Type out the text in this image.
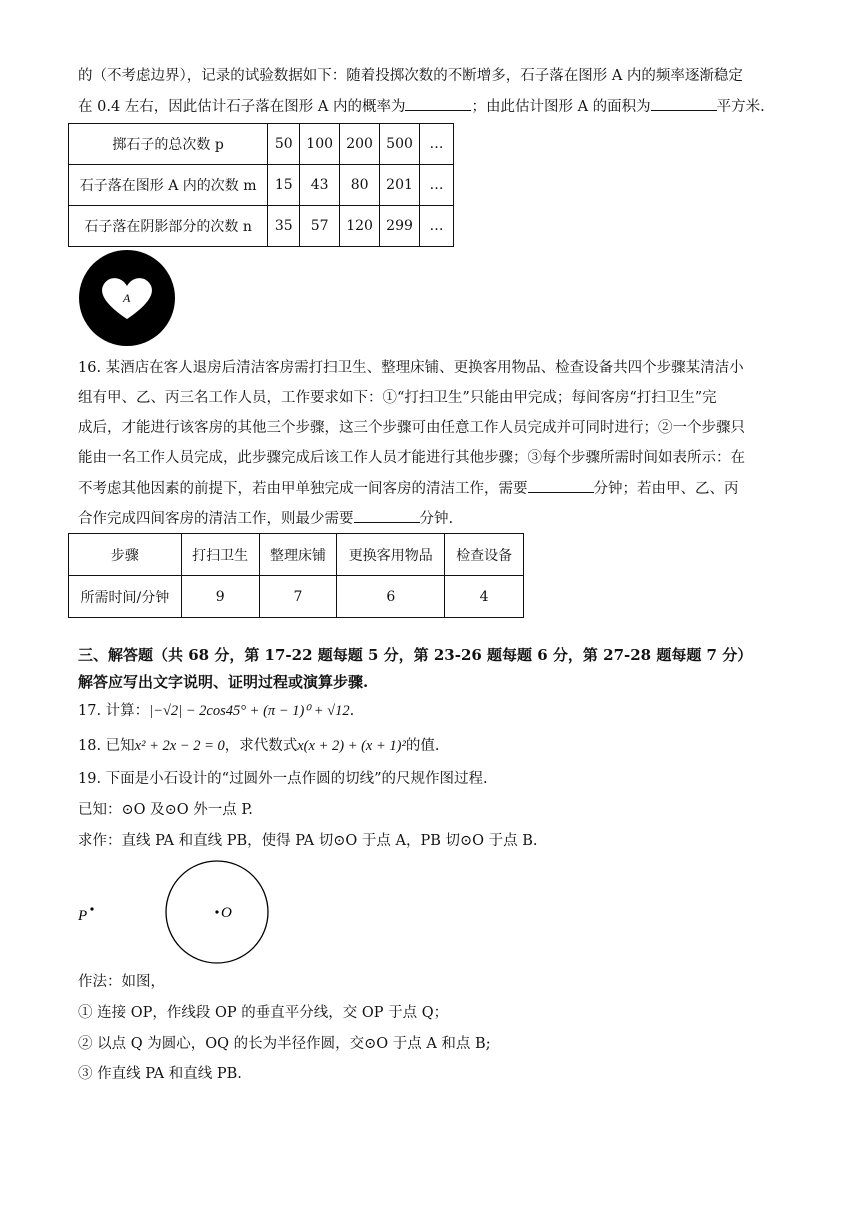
的（不考虑边界），记录的试验数据如下：随着投掷次数的不断增多，石子落在图形 A 内的频率逐渐稳定
在 0.4 左右，因此估计石子落在图形 A 内的概率为	；由此估计图形 A 的面积为	平方米.
掷石子的总次数 p	50	100	200	500	…
石子落在图形 A 内的次数 m	15	43	80	201	…
石子落在阴影部分的次数 n	35	57	120	299	…
A
16. 某酒店在客人退房后清洁客房需打扫卫生、整理床铺、更换客用物品、检查设备共四个步骤某清洁小
组有甲、乙、丙三名工作人员，工作要求如下：①“打扫卫生”只能由甲完成；每间客房“打扫卫生”完
成后，才能进行该客房的其他三个步骤，这三个步骤可由任意工作人员完成并可同时进行；②一个步骤只
能由一名工作人员完成，此步骤完成后该工作人员才能进行其他步骤；③每个步骤所需时间如表所示：在
不考虑其他因素的前提下，若由甲单独完成一间客房的清洁工作，需要	分钟；若由甲、乙、丙
合作完成四间客房的清洁工作，则最少需要	分钟.
步骤	打扫卫生	整理床铺	更换客用物品	检查设备
所需时间/分钟	9	7	6	4
三、解答题（共 68 分，第 17-22 题每题 5 分，第 23-26 题每题 6 分，第 27-28 题每题 7 分）
解答应写出文字说明、证明过程或演算步骤.
17. 计算：|−√2| − 2cos45° + (π − 1)⁰ + √12.
18. 已知x² + 2x − 2 = 0，求代数式x(x + 2) + (x + 1)²的值.
19. 下面是小石设计的“过圆外一点作圆的切线”的尺规作图过程.
已知：⊙O 及⊙O 外一点 P.
求作：直线 PA 和直线 PB，使得 PA 切⊙O 于点 A，PB 切⊙O 于点 B.
O
P
作法：如图，
① 连接 OP，作线段 OP 的垂直平分线，交 OP 于点 Q；
② 以点 Q 为圆心，OQ 的长为半径作圆，交⊙O 于点 A 和点 B;
③ 作直线 PA 和直线 PB.
